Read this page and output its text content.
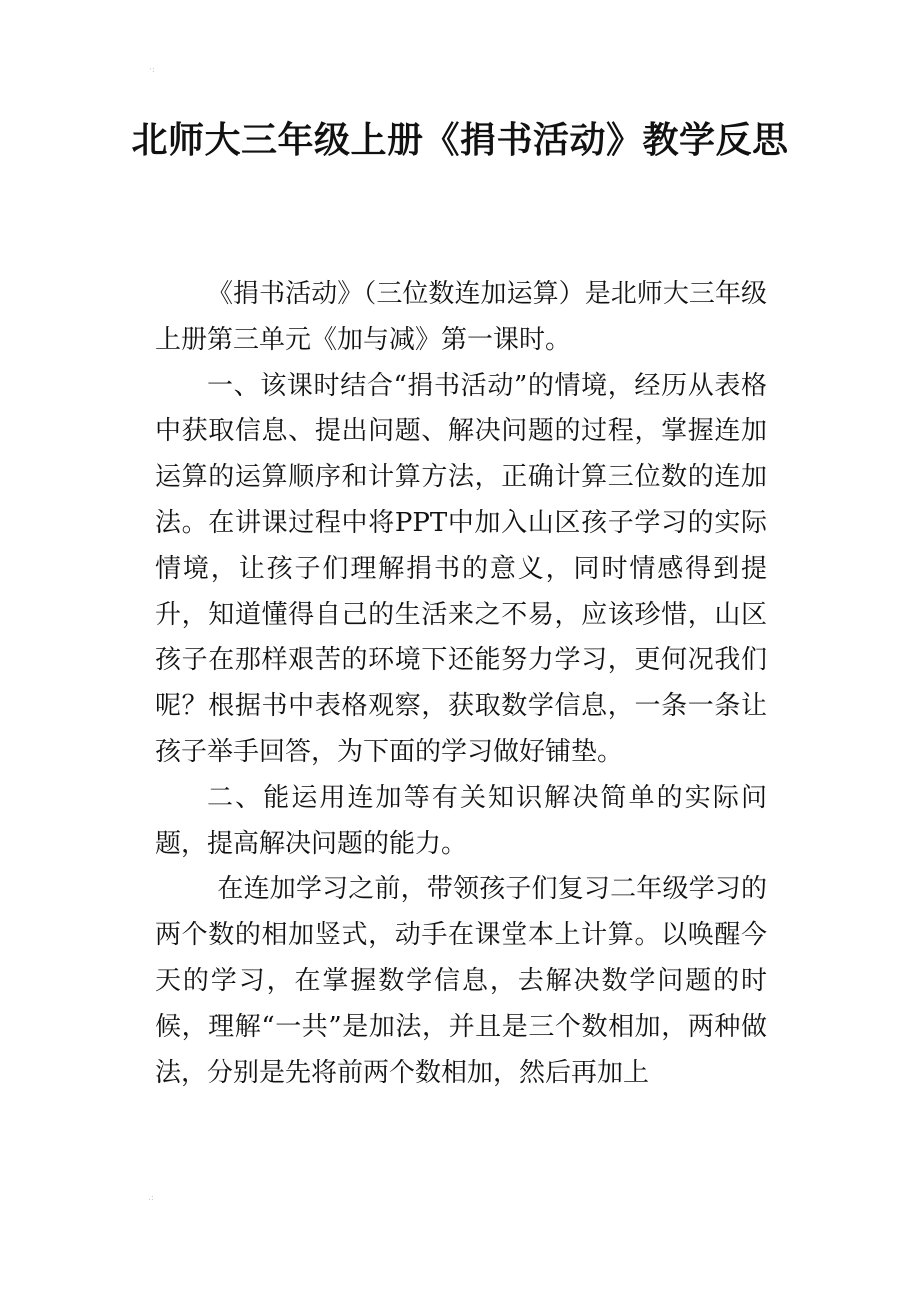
·:
北师大三年级上册《捐书活动》教学反思

《捐书活动》（三位数连加运算）是北师大三年级上册第三单元《加与减》第一课时。

一、该课时结合“捐书活动”的情境，经历从表格中获取信息、提出问题、解决问题的过程，掌握连加运算的运算顺序和计算方法，正确计算三位数的连加法。在讲课过程中将PPT中加入山区孩子学习的实际情境，让孩子们理解捐书的意义，同时情感得到提升，知道懂得自己的生活来之不易，应该珍惜，山区孩子在那样艰苦的环境下还能努力学习，更何况我们呢？根据书中表格观察，获取数学信息，一条一条让孩子举手回答，为下面的学习做好铺垫。

二、能运用连加等有关知识解决简单的实际问题，提高解决问题的能力。

在连加学习之前，带领孩子们复习二年级学习的两个数的相加竖式，动手在课堂本上计算。以唤醒今天的学习，在掌握数学信息，去解决数学问题的时候，理解“一共”是加法，并且是三个数相加，两种做法，分别是先将前两个数相加，然后再加上

.:
